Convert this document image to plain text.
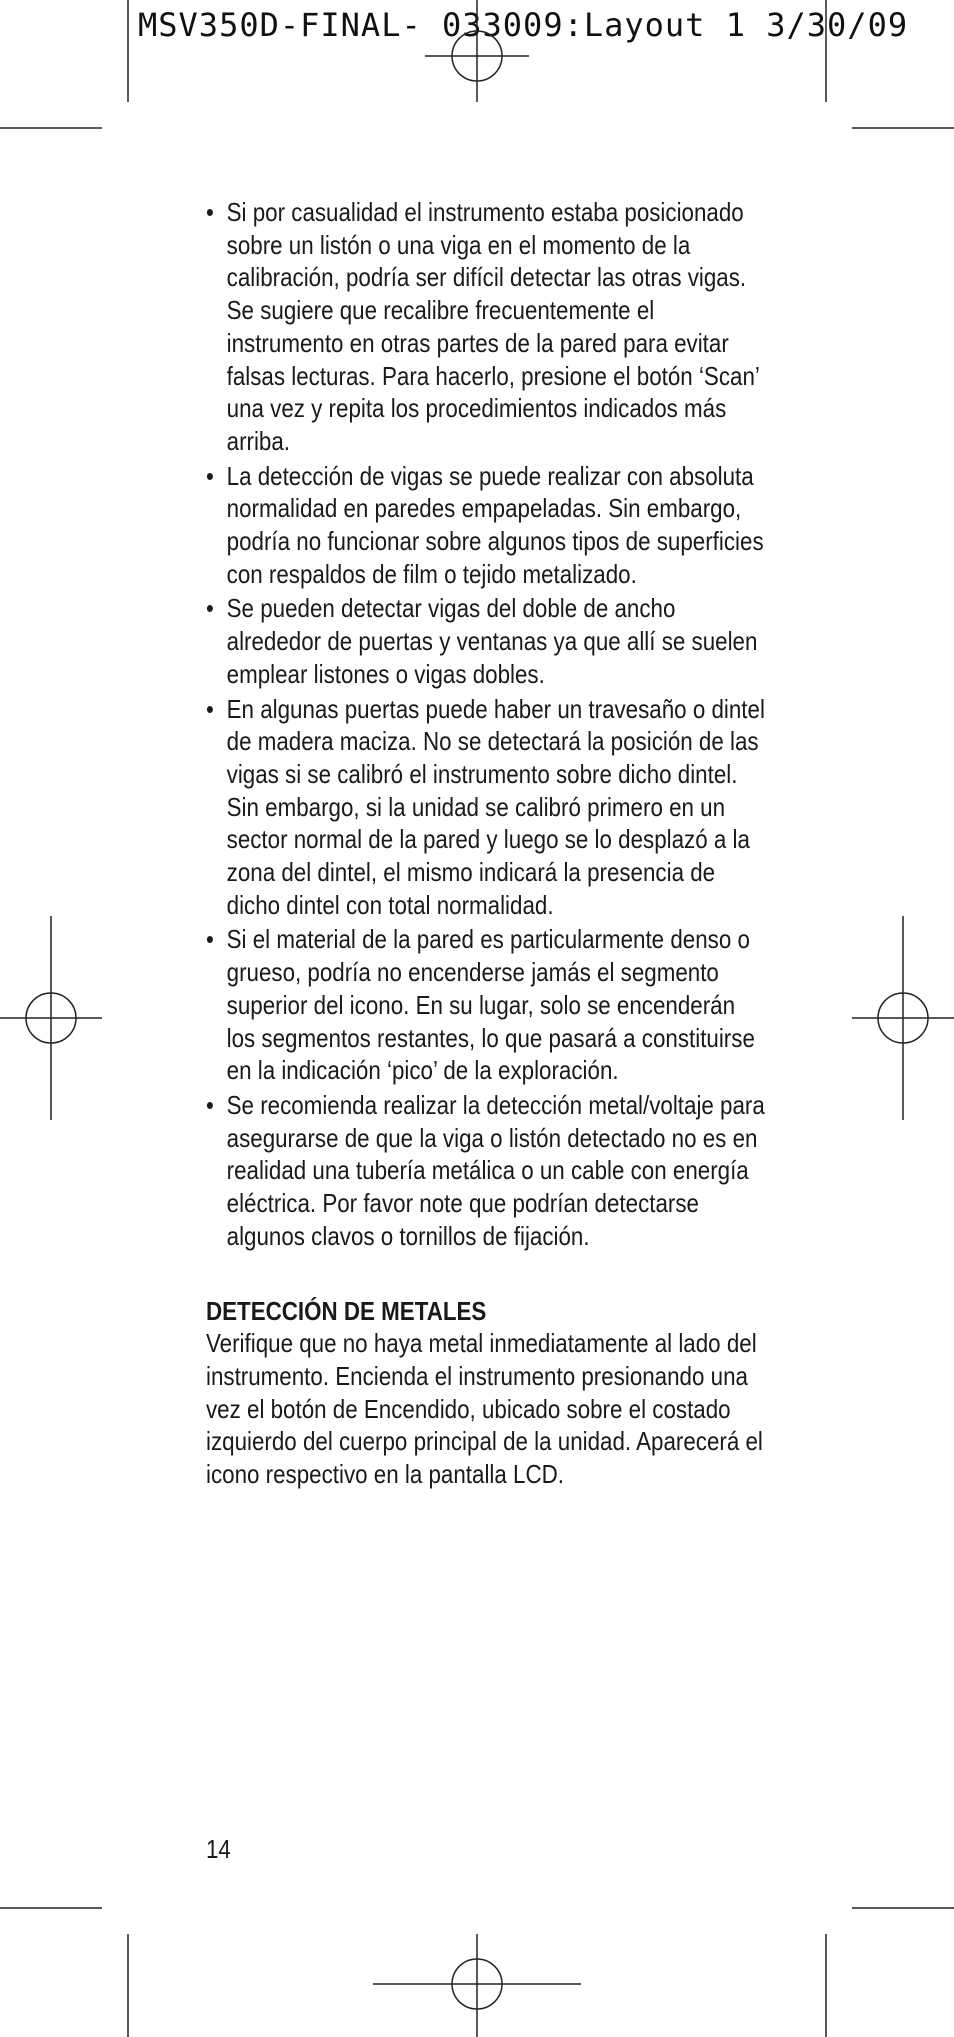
MSV350D-FINAL- 033009:Layout 1 3/30/09
• Si por casualidad el instrumento estaba posicionado sobre un listón o una viga en el momento de la calibración, podría ser difícil detectar las otras vigas. Se sugiere que recalibre frecuentemente el instrumento en otras partes de la pared para evitar falsas lecturas. Para hacerlo, presione el botón ‘Scan’ una vez y repita los procedimientos indicados más arriba.
• La detección de vigas se puede realizar con absoluta normalidad en paredes empapeladas. Sin embargo, podría no funcionar sobre algunos tipos de superficies con respaldos de film o tejido metalizado.
• Se pueden detectar vigas del doble de ancho alrededor de puertas y ventanas ya que allí se suelen emplear listones o vigas dobles.
• En algunas puertas puede haber un travesaño o dintel de madera maciza. No se detectará la posición de las vigas si se calibró el instrumento sobre dicho dintel. Sin embargo, si la unidad se calibró primero en un sector normal de la pared y luego se lo desplazó a la zona del dintel, el mismo indicará la presencia de dicho dintel con total normalidad.
• Si el material de la pared es particularmente denso o grueso, podría no encenderse jamás el segmento superior del icono. En su lugar, solo se encenderán los segmentos restantes, lo que pasará a constituirse en la indicación ‘pico’ de la exploración.
• Se recomienda realizar la detección metal/voltaje para asegurarse de que la viga o listón detectado no es en realidad una tubería metálica o un cable con energía eléctrica. Por favor note que podrían detectarse algunos clavos o tornillos de fijación.
DETECCIÓN DE METALES

Verifique que no haya metal inmediatamente al lado del instrumento. Encienda el instrumento presionando una vez el botón de Encendido, ubicado sobre el costado izquierdo del cuerpo principal de la unidad. Aparecerá el icono respectivo en la pantalla LCD.

14
